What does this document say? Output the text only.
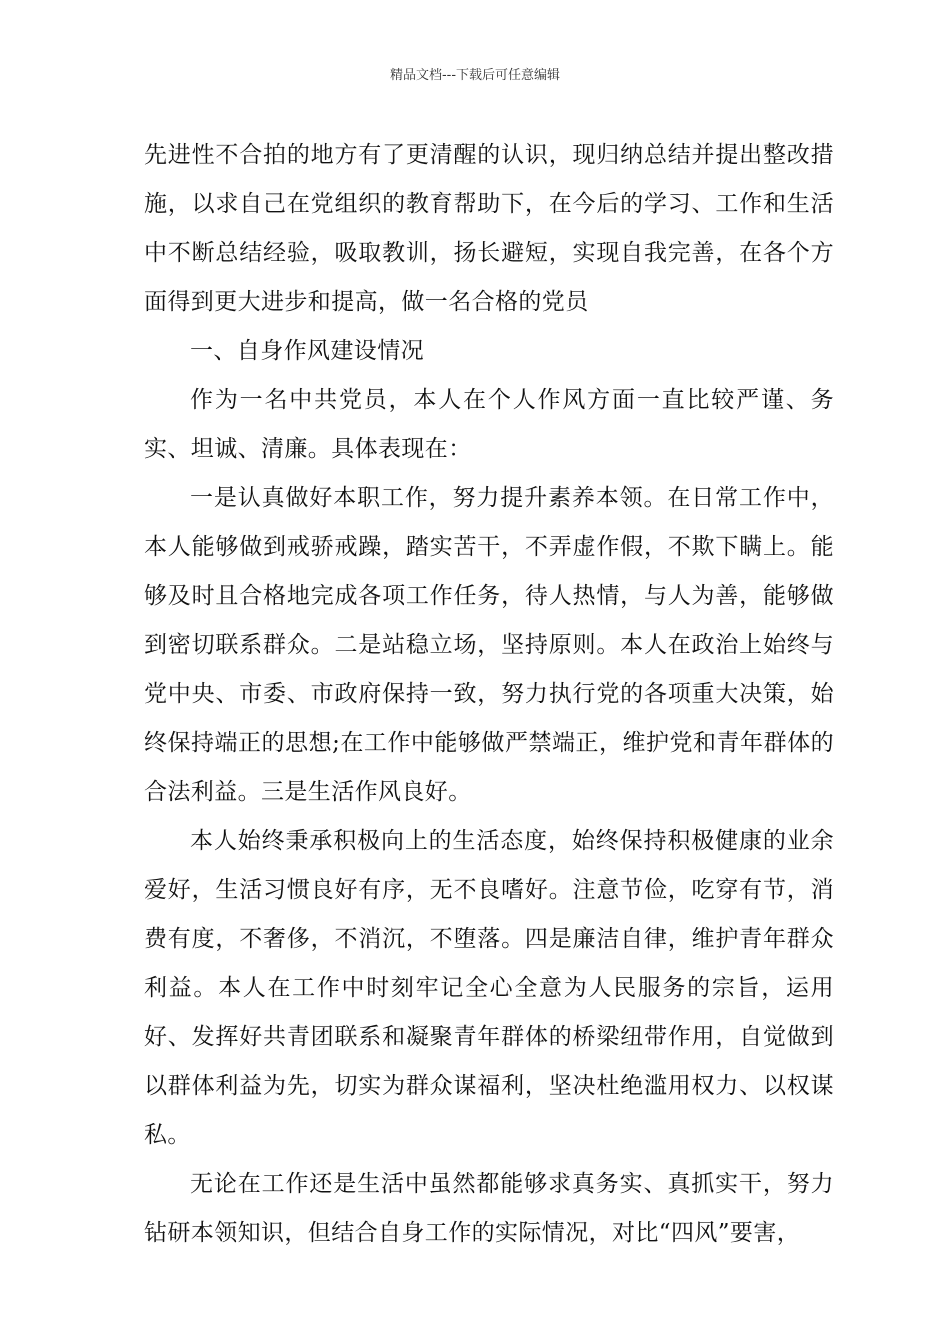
精品文档---下载后可任意编辑

先进性不合拍的地方有了更清醒的认识，现归纳总结并提出整改措施，以求自己在党组织的教育帮助下，在今后的学习、工作和生活中不断总结经验，吸取教训，扬长避短，实现自我完善，在各个方面得到更大进步和提高，做一名合格的党员

一、自身作风建设情况

作为一名中共党员，本人在个人作风方面一直比较严谨、务实、坦诚、清廉。具体表现在：

一是认真做好本职工作，努力提升素养本领。在日常工作中，本人能够做到戒骄戒躁，踏实苦干，不弄虚作假，不欺下瞒上。能够及时且合格地完成各项工作任务，待人热情，与人为善，能够做到密切联系群众。二是站稳立场，坚持原则。本人在政治上始终与党中央、市委、市政府保持一致，努力执行党的各项重大决策，始终保持端正的思想;在工作中能够做严禁端正，维护党和青年群体的合法利益。三是生活作风良好。

本人始终秉承积极向上的生活态度，始终保持积极健康的业余爱好，生活习惯良好有序，无不良嗜好。注意节俭，吃穿有节，消费有度，不奢侈，不消沉，不堕落。四是廉洁自律，维护青年群众利益。本人在工作中时刻牢记全心全意为人民服务的宗旨，运用好、发挥好共青团联系和凝聚青年群体的桥梁纽带作用，自觉做到以群体利益为先，切实为群众谋福利，坚决杜绝滥用权力、以权谋私。

无论在工作还是生活中虽然都能够求真务实、真抓实干，努力钻研本领知识，但结合自身工作的实际情况，对比“四风”要害，
